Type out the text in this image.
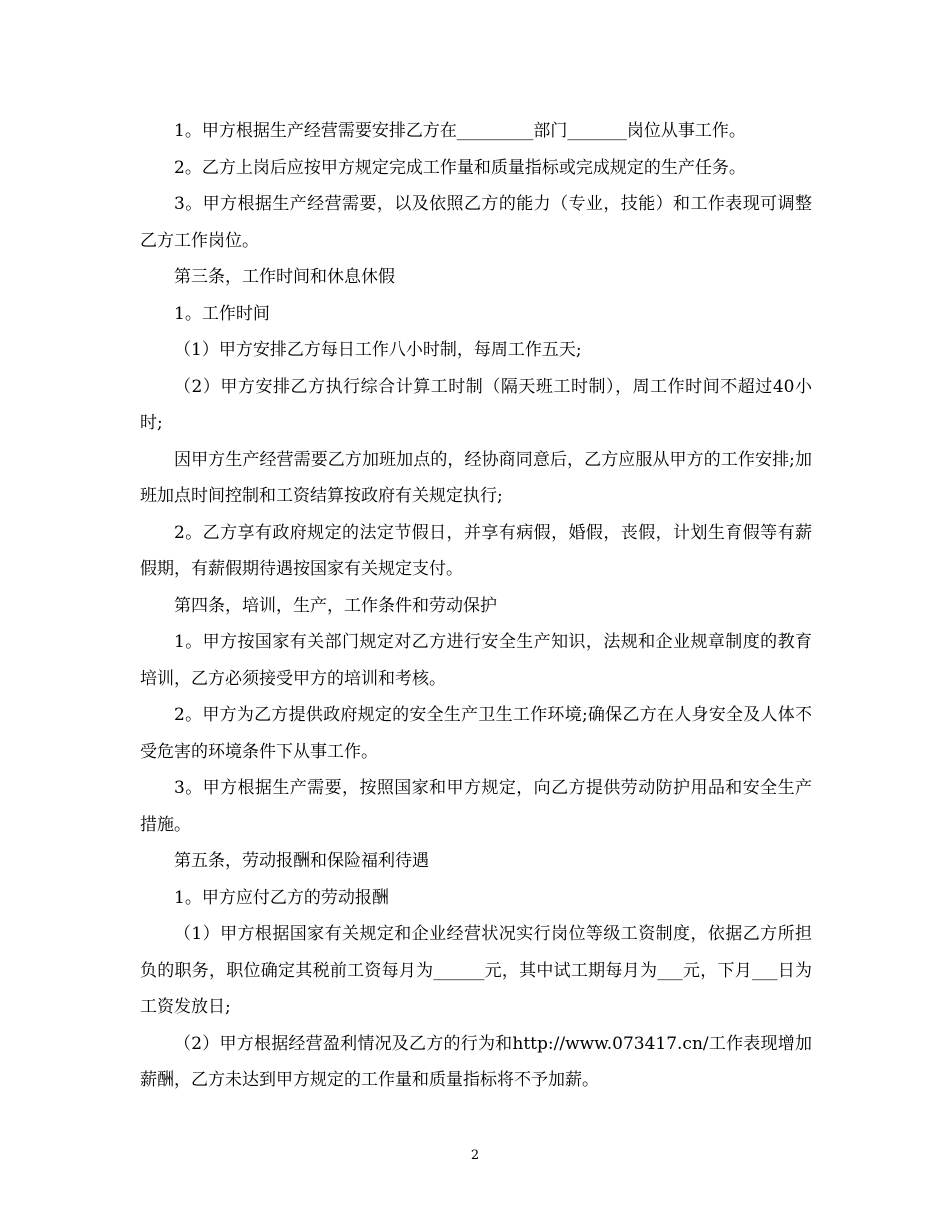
1。甲方根据生产经营需要安排乙方在_________部门_______岗位从事工作。

2。乙方上岗后应按甲方规定完成工作量和质量指标或完成规定的生产任务。

3。甲方根据生产经营需要，以及依照乙方的能力（专业，技能）和工作表现可调整乙方工作岗位。

第三条，工作时间和休息休假

1。工作时间

（1）甲方安排乙方每日工作八小时制，每周工作五天;

（2）甲方安排乙方执行综合计算工时制（隔天班工时制），周工作时间不超过40小时;

因甲方生产经营需要乙方加班加点的，经协商同意后，乙方应服从甲方的工作安排;加班加点时间控制和工资结算按政府有关规定执行;

2。乙方享有政府规定的法定节假日，并享有病假，婚假，丧假，计划生育假等有薪假期，有薪假期待遇按国家有关规定支付。

第四条，培训，生产，工作条件和劳动保护

1。甲方按国家有关部门规定对乙方进行安全生产知识，法规和企业规章制度的教育培训，乙方必须接受甲方的培训和考核。

2。甲方为乙方提供政府规定的安全生产卫生工作环境;确保乙方在人身安全及人体不受危害的环境条件下从事工作。

3。甲方根据生产需要，按照国家和甲方规定，向乙方提供劳动防护用品和安全生产措施。

第五条，劳动报酬和保险福利待遇

1。甲方应付乙方的劳动报酬

（1）甲方根据国家有关规定和企业经营状况实行岗位等级工资制度，依据乙方所担负的职务，职位确定其税前工资每月为______元，其中试工期每月为___元，下月___日为工资发放日;

（2）甲方根据经营盈利情况及乙方的行为和http://www.073417.cn/工作表现增加薪酬，乙方未达到甲方规定的工作量和质量指标将不予加薪。

2
